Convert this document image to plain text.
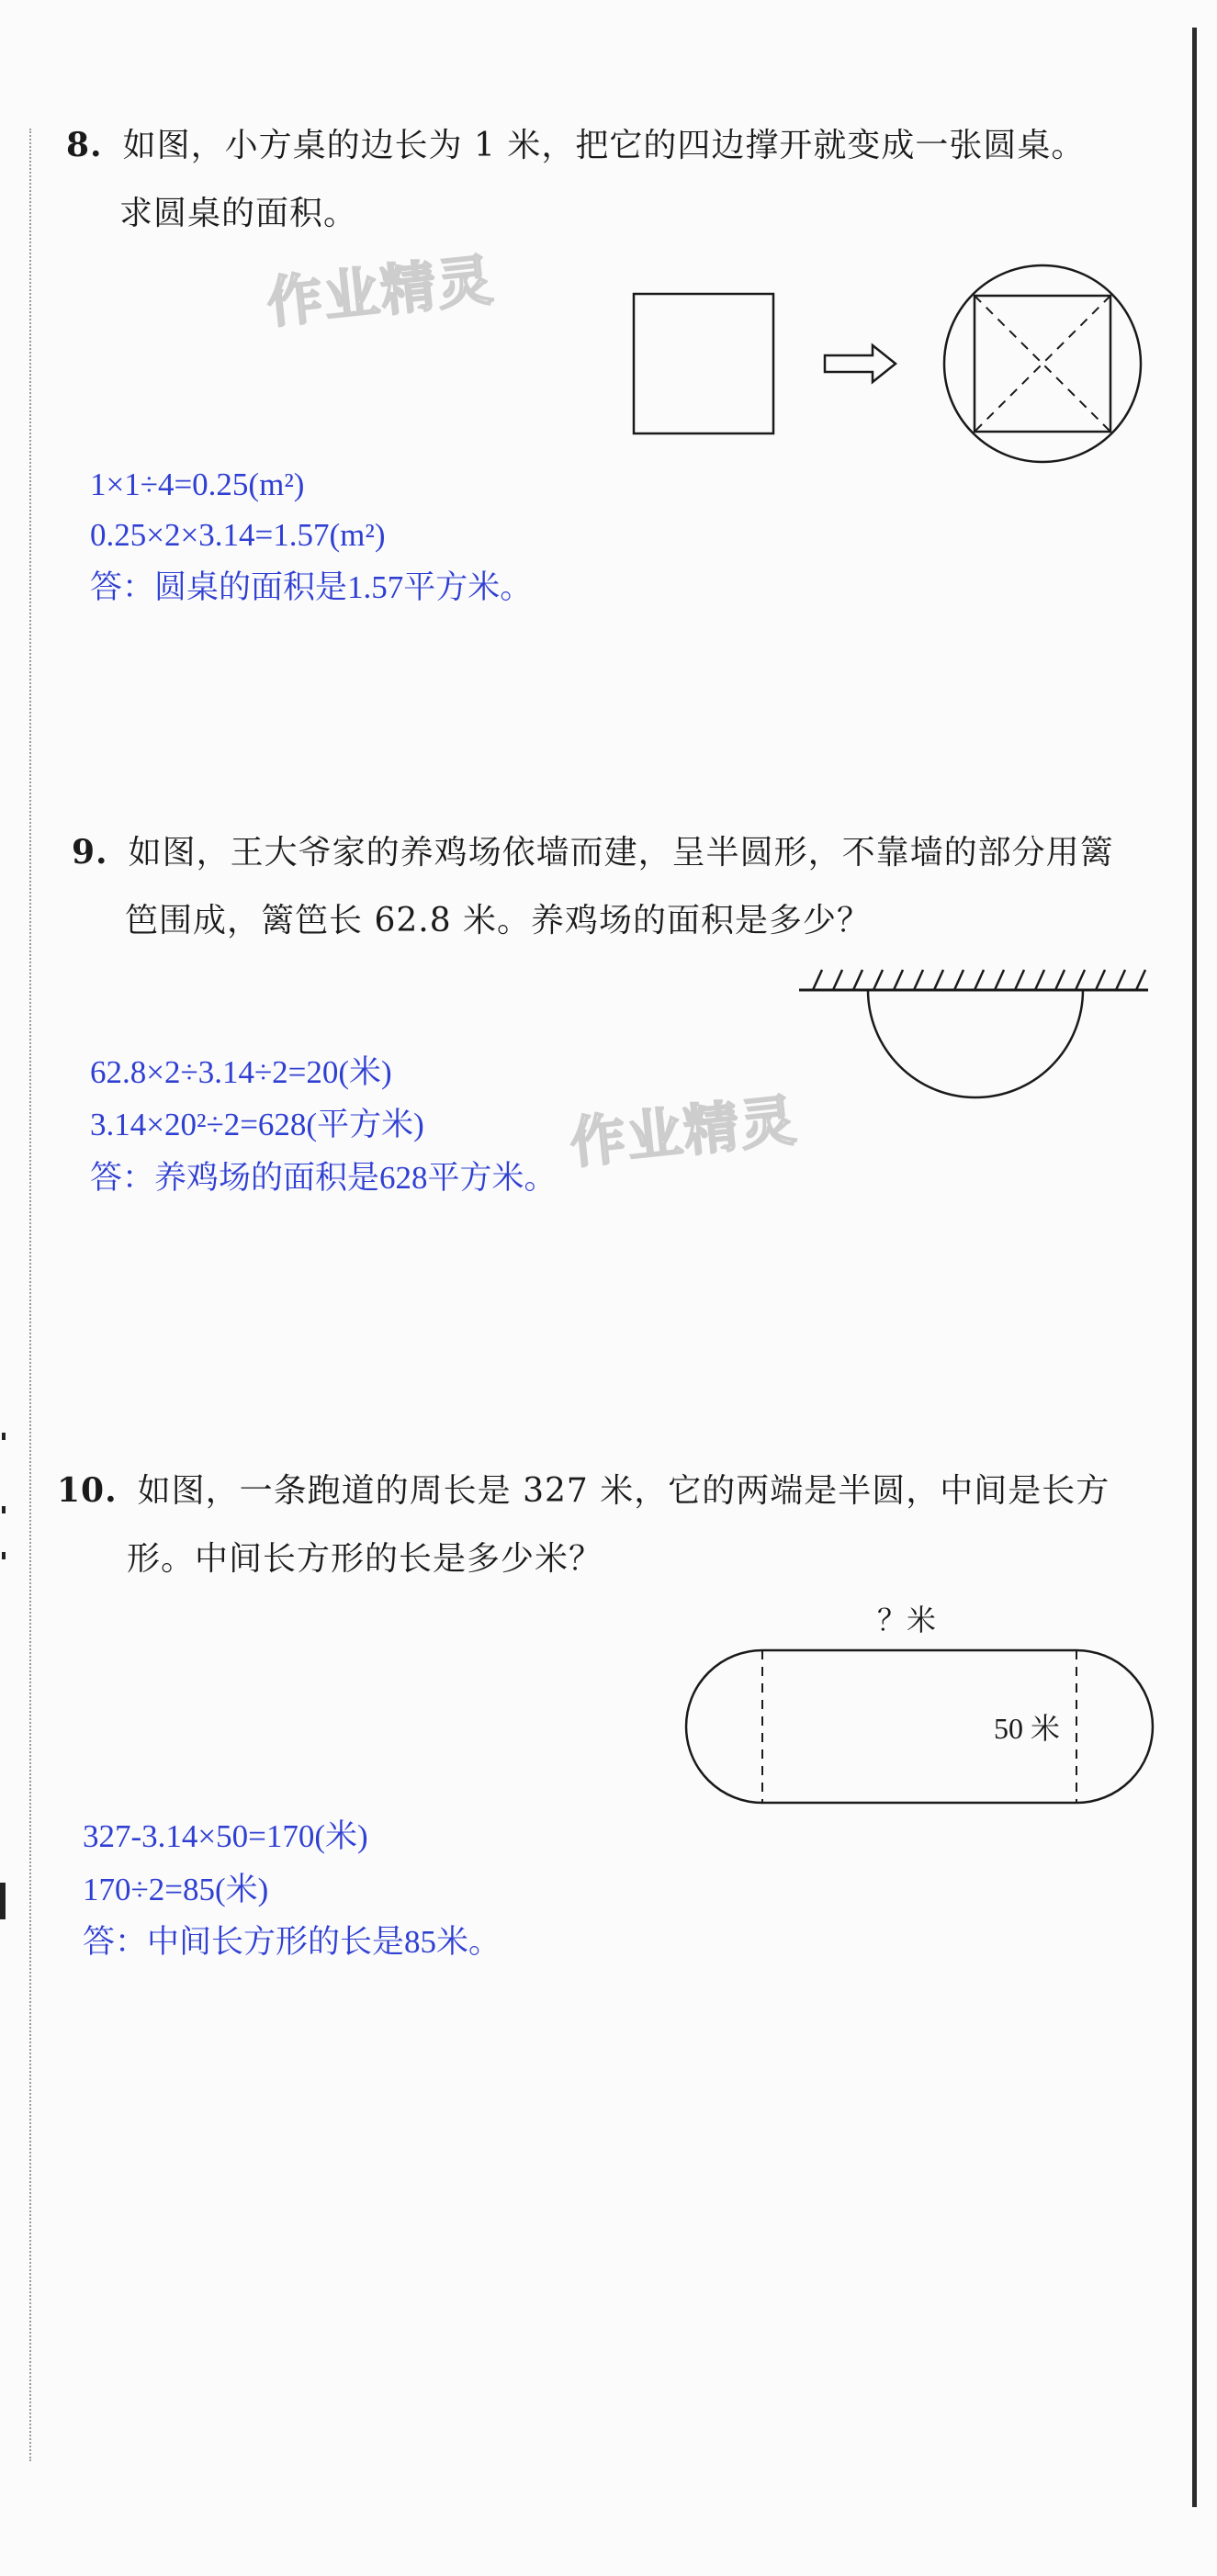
8. 如图，小方桌的边长为 1 米，把它的四边撑开就变成一张圆桌。
求圆桌的面积。
作业精灵
1×1÷4=0.25(m²)
0.25×2×3.14=1.57(m²)
答：圆桌的面积是1.57平方米。
9. 如图，王大爷家的养鸡场依墙而建，呈半圆形，不靠墙的部分用篱
笆围成，篱笆长 62.8 米。养鸡场的面积是多少？
作业精灵
62.8×2÷3.14÷2=20(米)
3.14×20²÷2=628(平方米)
答：养鸡场的面积是628平方米。
10. 如图，一条跑道的周长是 327 米，它的两端是半圆，中间是长方
形。中间长方形的长是多少米？
？米
50 米
327-3.14×50=170(米)
170÷2=85(米)
答：中间长方形的长是85米。
